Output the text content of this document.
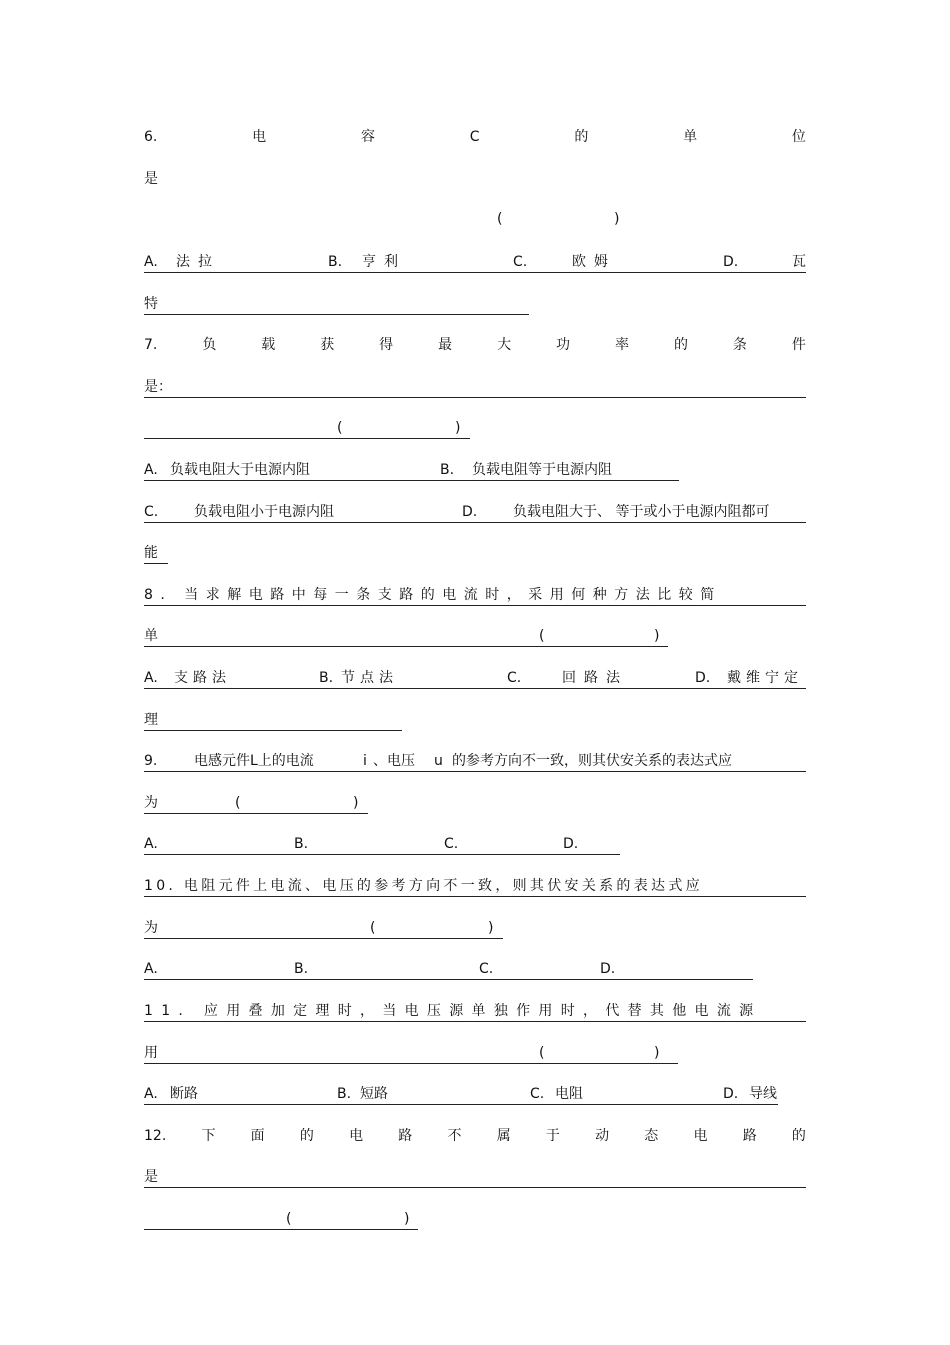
6.	电	容	C	的	单	位
是
(	)
A. 法拉	B. 亨利	C.	欧姆	D.	瓦
特
7.	负	载	获	得	最	大	功	率	的	条	件
是：
(	)
A. 负载电阻大于电源内阻	B. 负载电阻等于电源内阻
C.	负载电阻小于电源内阻	D.	负载电阻大于、 等于或小于电源内阻都可
能
8. 当求解电路中每一条支路的电流时，采用何种方法比较简
单	(	)
A. 支路法	B. 节点法	C.	回路法	D. 戴维宁定
理
9.	电感元件L上的电流	i 、电压 u 的参考方向不一致，则其伏安关系的表达式应
为	(	)
A.	B.	C.	D.
10. 电阻元件上电流、电压的参考方向不一致，则其伏安关系的表达式应
为	(	)
A.	B.	C.	D.
11. 应用叠加定理时，当电压源单独作用时，代替其他电流源
用	(	)
A. 断路	B. 短路	C. 电阻	D. 导线
12.	下	面	的	电	路	不	属	于	动	态	电	路	的
是
(	)
